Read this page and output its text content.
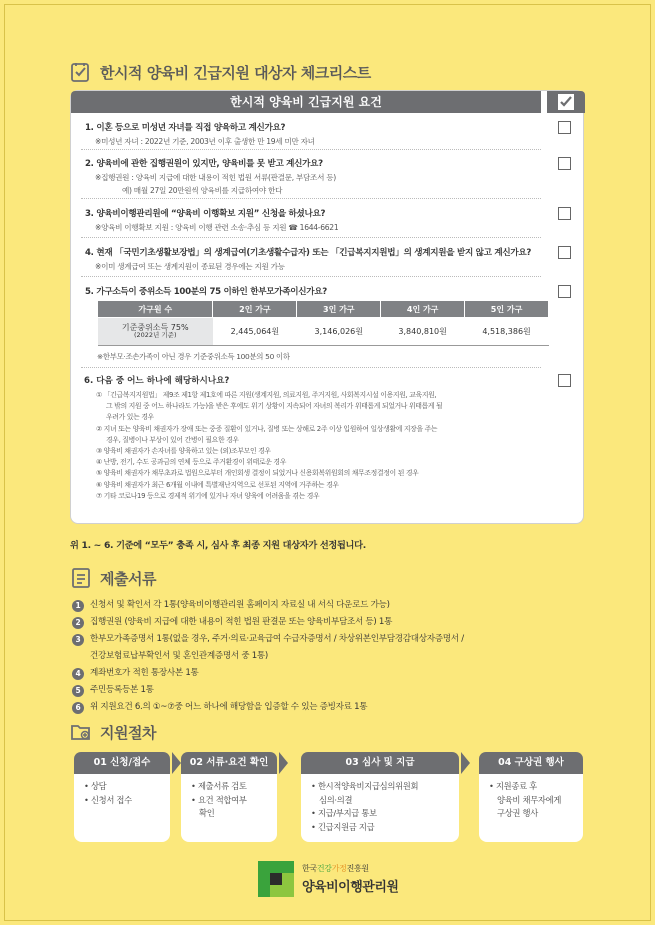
한시적 양육비 긴급지원 대상자 체크리스트
한시적 양육비 긴급지원 요건
1. 이혼 등으로 미성년 자녀를 직접 양육하고 계신가요?
※미성년 자녀 : 2022년 기준, 2003년 이후 출생한 만 19세 미만 자녀
2. 양육비에 관한 집행권원이 있지만, 양육비를 못 받고 계신가요?
※집행권원 : 양육비 지급에 대한 내용이 적힌 법원 서류(판결문, 부담조서 등)
예) 매월 27일 20만원씩 양육비를 지급하여야 한다
3. 양육비이행관리원에 “양육비 이행확보 지원” 신청을 하셨나요?
※양육비 이행확보 지원 : 양육비 이행 관련 소송·추심 등 지원 ☎ 1644-6621
4. 현재 「국민기초생활보장법」의 생계급여(기초생활수급자) 또는 「긴급복지지원법」의 생계지원을 받지 않고 계신가요?
※이미 생계급여 또는 생계지원이 종료된 경우에는 지원 가능
5. 가구소득이 중위소득 100분의 75 이하인 한부모가족이신가요?
가구원 수	2인 가구	3인 가구	4인 가구	5인 가구
기준중위소득 75%
(2022년 기준)	2,445,064원	3,146,026원	3,840,810원	4,518,386원
※한부모·조손가족이 아닌 경우 기준중위소득 100분의 50 이하
6. 다음 중 어느 하나에 해당하시나요?
① 「긴급복지지원법」 제9조 제1항 제1호에 따른 지원(생계지원, 의료지원, 주거지원, 사회복지시설 이용지원, 교육지원,
그 밖의 지원 중 어느 하나라도 가능)을 받은 후에도 위기 상황이 지속되어 자녀의 복리가 위태롭게 되었거나 위태롭게 될
우려가 있는 경우
② 지녀 또는 양육비 채권자가 장애 또는 중증 질환이 있거나, 질병 또는 상해로 2주 이상 입원하여 일상생활에 지장을 주는
경우, 질병이나 부상이 있어 간병이 필요한 경우
③ 양육비 채권자가 손자녀를 양육하고 있는 (외)조부모인 경우
④ 난방, 전기, 수도 공과금의 연체 등으로 주거환경이 위태로운 경우
⑤ 양육비 채권자가 채무초과로 법원으로부터 개인회생 결정이 되었거나 신용회복위원회의 채무조정결정이 된 경우
⑥ 양육비 채권자가 최근 6개월 이내에 특별재난지역으로 선포된 지역에 거주하는 경우
⑦ 기타 코로나19 등으로 경제적 위기에 있거나 자녀 양육에 어려움을 겪는 경우
위 1. ~ 6. 기준에 “모두” 충족 시, 심사 후 최종 지원 대상자가 선정됩니다.
제출서류
1	신청서 및 확인서 각 1통(양육비이행관리원 홈페이지 자료실 내 서식 다운로드 가능)
2	집행권원 (양육비 지급에 대한 내용이 적힌 법원 판결문 또는 양육비부담조서 등) 1통
3	한부모가족증명서 1통(없을 경우, 주거·의료·교육급여 수급자증명서 / 차상위본인부담경감대상자증명서 /
건강보험료납부확인서 및 혼인관계증명서 중 1통)
4	계좌번호가 적힌 통장사본 1통
5	주민등록등본 1통
6	위 지원요건 6.의 ①~⑦중 어느 하나에 해당함을 입증할 수 있는 증빙자료 1통
지원절차
01 신청/접수
• 상담
• 신청서 접수
02 서류·요건 확인
• 제출서류 검토
• 요건 적합여부
확인
03 심사 및 지급
• 한시적양육비지급심의위원회
심의·의결
• 지급/부지급 통보
• 긴급지원금 지급
04 구상권 행사
• 지원종료 후
양육비 채무자에게
구상권 행사
한국건강가정진흥원
양육비이행관리원
